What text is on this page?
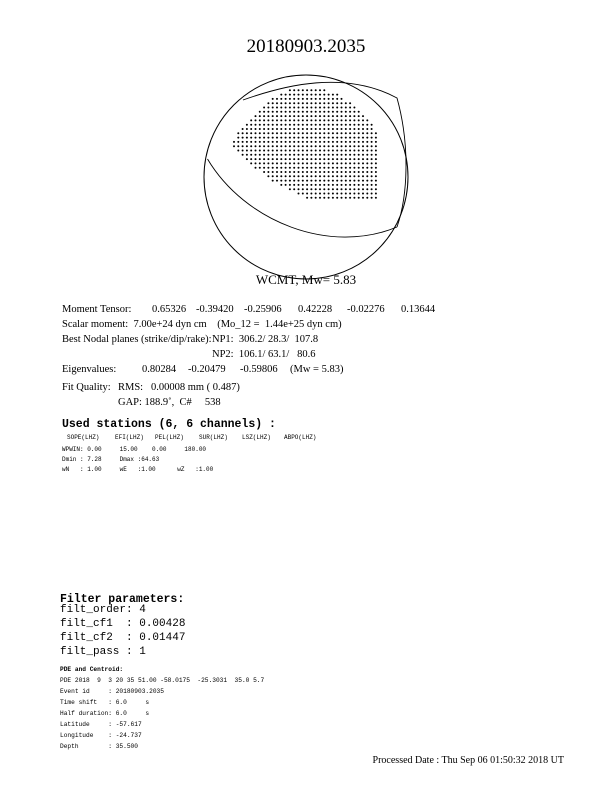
20180903.2035
WCMT, Mw= 5.83
Moment Tensor: 0.65326 -0.39420 -0.25906 0.42228 -0.02276 0.13644
Scalar moment:  7.00e+24 dyn cm    (Mo_12 =  1.44e+25 dyn cm)
Best Nodal planes (strike/dip/rake): NP1:  306.2/ 28.3/  107.8
NP2:  106.1/ 63.1/   80.6
Eigenvalues: 0.80284 -0.20479 -0.59806 (Mw = 5.83)
Fit Quality: RMS:   0.00008 mm ( 0.487)
GAP: 188.9˚,  C#     538
Used stations (6, 6 channels) :
SOPE(LHZ)	EFI(LHZ) PEL(LHZ)	SUR(LHZ) LSZ(LHZ) ABPO(LHZ)
WPWIN: 0.00     15.00    0.00     180.00
Dmin : 7.28     Dmax :64.63
wN   : 1.00     wE   :1.00      wZ   :1.00
Filter parameters:
filt_order: 4
filt_cf1  : 0.00428
filt_cf2  : 0.01447
filt_pass : 1
PDE and Centroid:
PDE 2018  9  3 20 35 51.00 -58.0175  -25.3031  35.0 5.7
Event id     : 20180903.2035
Time shift   : 6.0     s
Half duration: 6.0     s
Latitude     : -57.617
Longitude    : -24.737
Depth        : 35.500
Processed Date : Thu Sep 06 01:50:32 2018 UT
